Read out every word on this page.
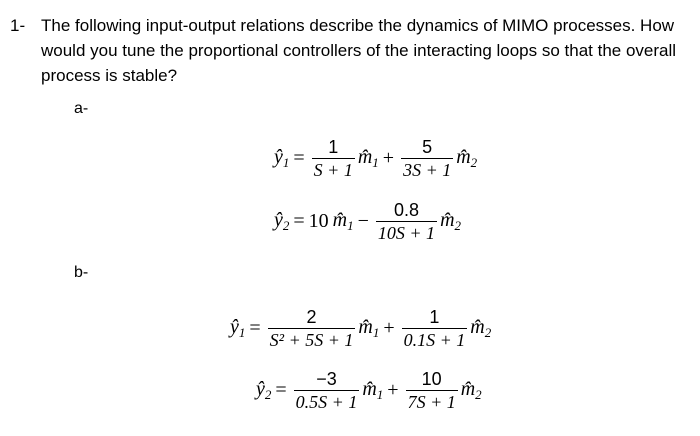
1- The following input-output relations describe the dynamics of MIMO processes. How would you tune the proportional controllers of the interacting loops so that the overall process is stable?
a-
$ŷ_1 = \frac{1}{S + 1}$ $m̂_1 + \frac{5}{3S + 1}$ $m̂_2$
$ŷ_2 = 10$ $m̂_1 - \frac{0.8}{10S + 1}$ $m̂_2$
b-
$ŷ_1 = \frac{2}{\text{S² + 5S + 1}}$ $m̂_1 + \frac{1}{0.1S + 1}$ $m̂_2$
$ŷ_2 = \frac{-3}{0.5S + 1}$ $m̂_1 + \frac{10}{7S + 1}$ $m̂_2$
